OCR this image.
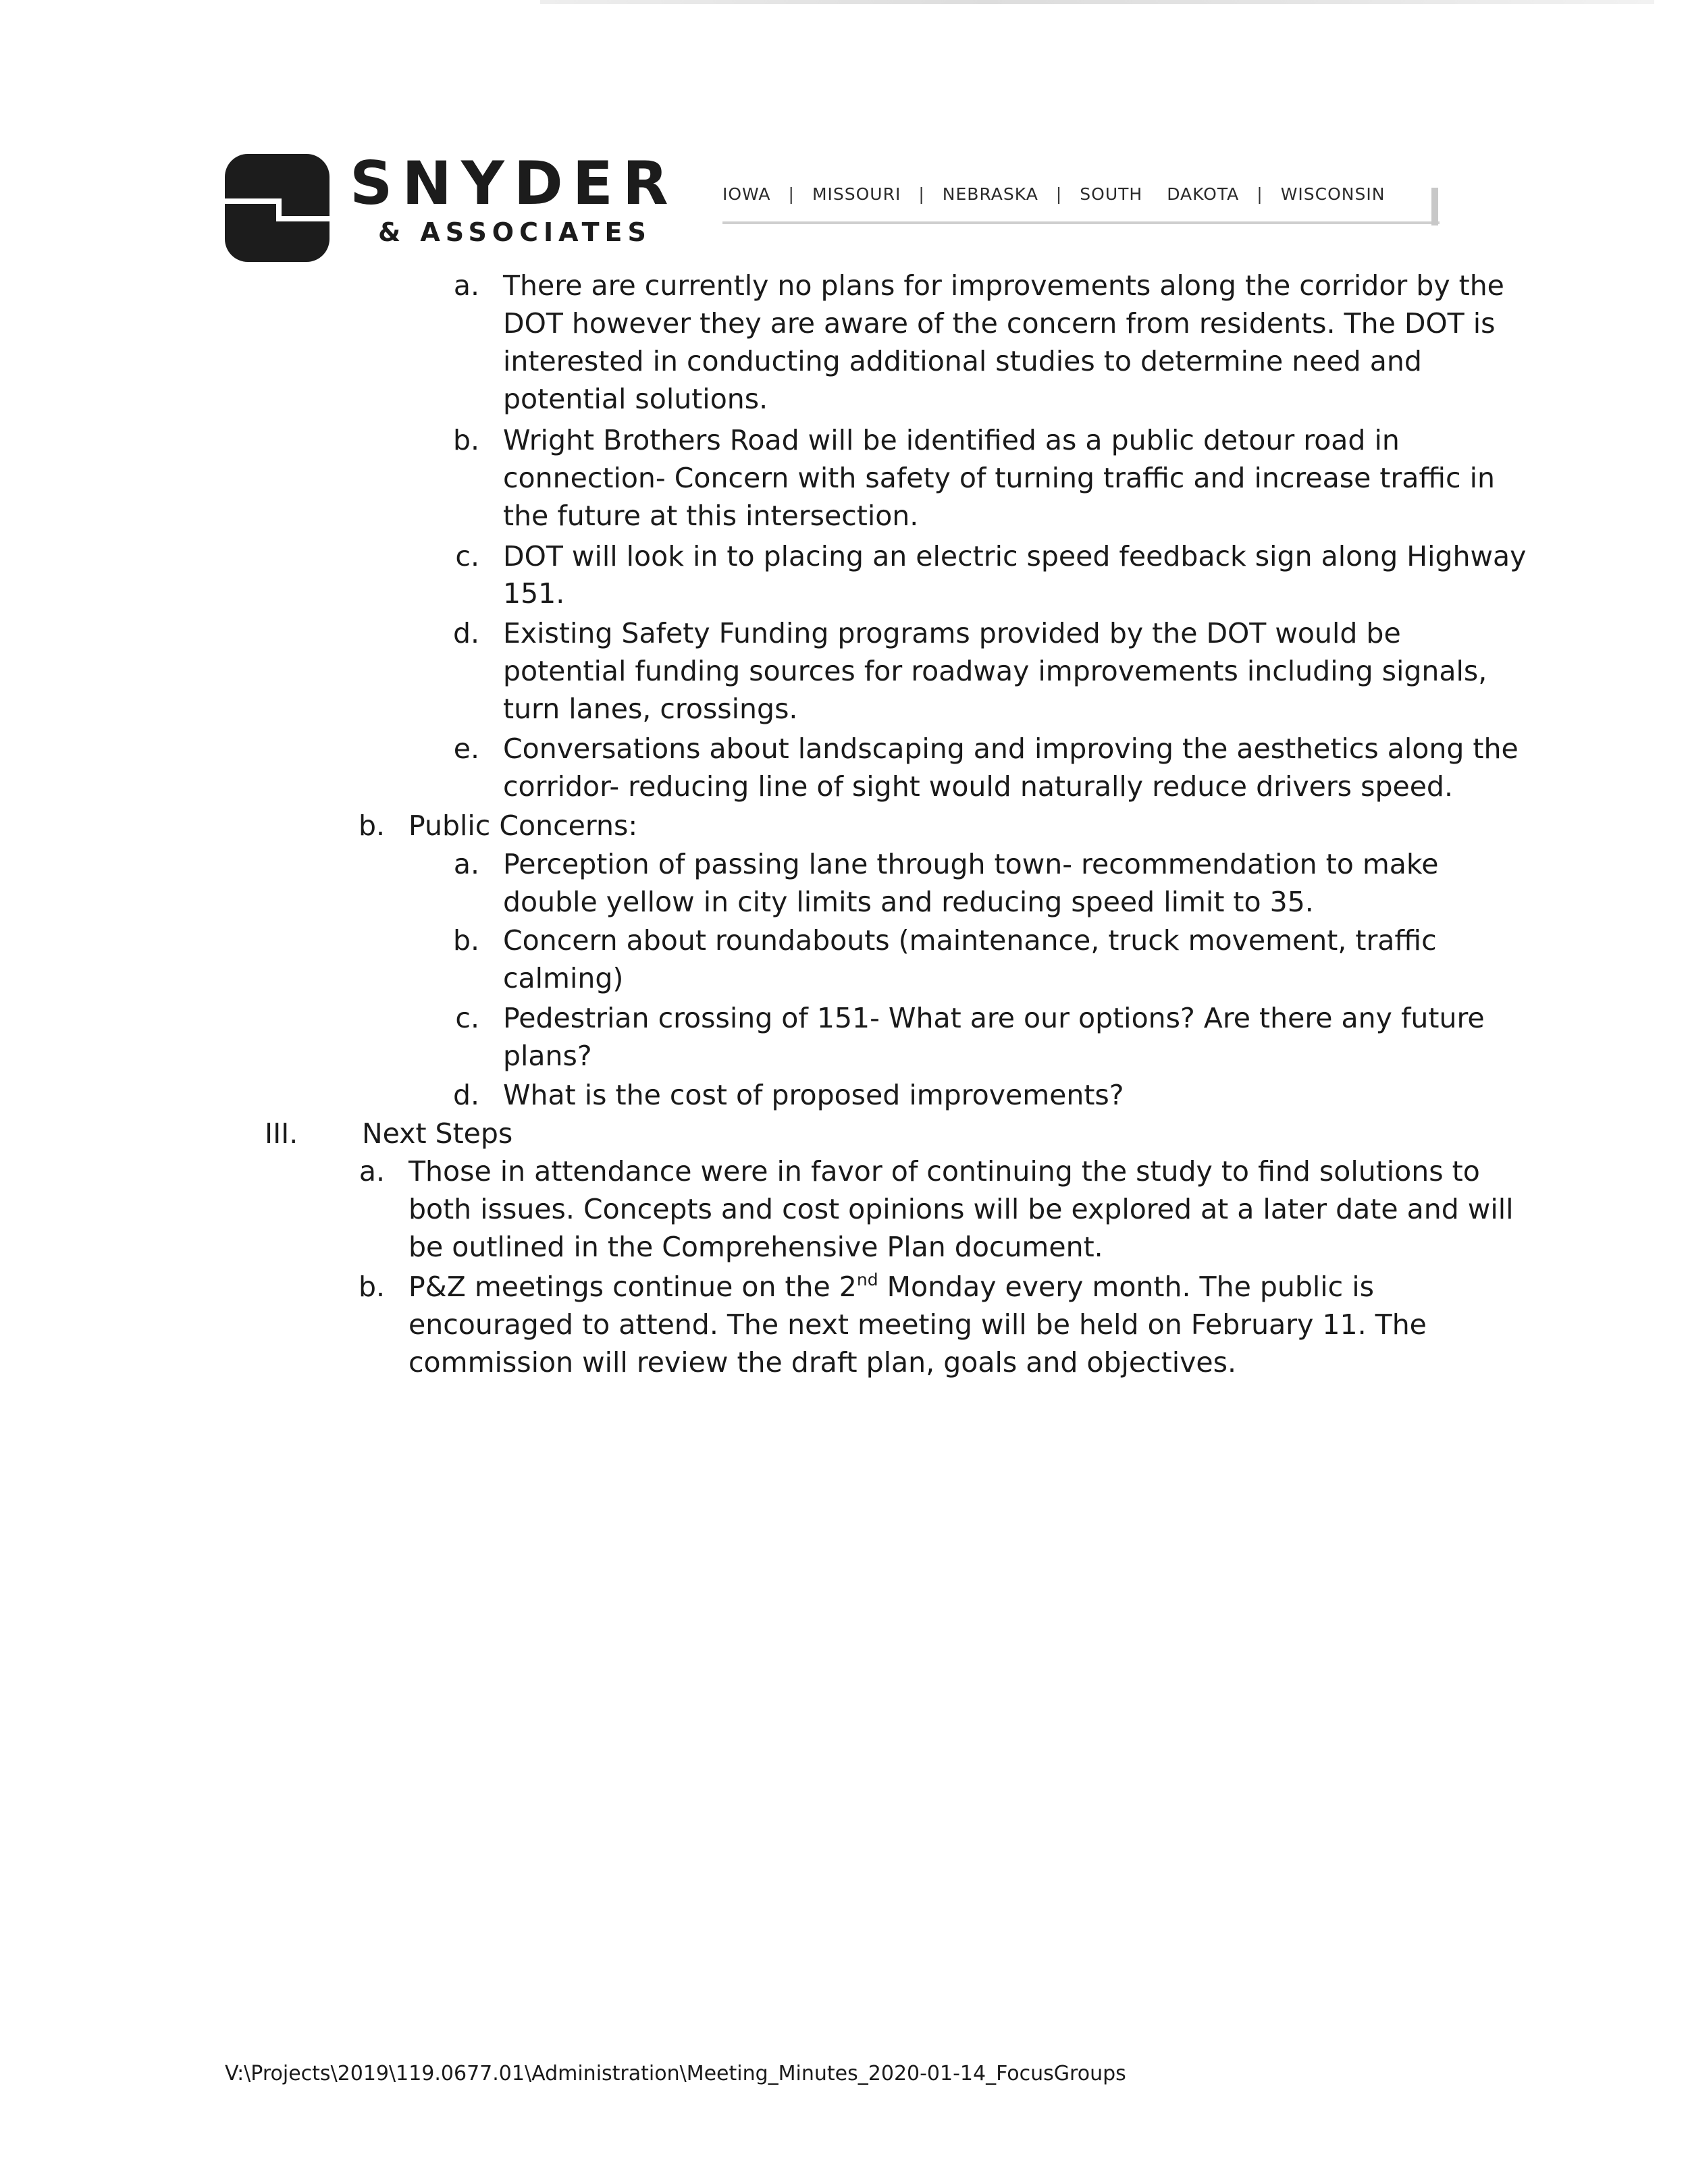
SNYDER
& ASSOCIATES
IOWA | MISSOURI | NEBRASKA | SOUTH DAKOTA | WISCONSIN
a. There are currently no plans for improvements along the corridor by the
DOT however they are aware of the concern from residents. The DOT is
interested in conducting additional studies to determine need and
potential solutions.
b. Wright Brothers Road will be identified as a public detour road in
connection- Concern with safety of turning traffic and increase traffic in
the future at this intersection.
c. DOT will look in to placing an electric speed feedback sign along Highway
151.
d. Existing Safety Funding programs provided by the DOT would be
potential funding sources for roadway improvements including signals,
turn lanes, crossings.
e. Conversations about landscaping and improving the aesthetics along the
corridor- reducing line of sight would naturally reduce drivers speed.
b. Public Concerns:
a. Perception of passing lane through town- recommendation to make
double yellow in city limits and reducing speed limit to 35.
b. Concern about roundabouts (maintenance, truck movement, traffic
calming)
c. Pedestrian crossing of 151- What are our options? Are there any future
plans?
d. What is the cost of proposed improvements?
III. Next Steps
a. Those in attendance were in favor of continuing the study to find solutions to
both issues. Concepts and cost opinions will be explored at a later date and will
be outlined in the Comprehensive Plan document.
b. P&Z meetings continue on the 2nd Monday every month. The public is
encouraged to attend. The next meeting will be held on February 11. The
commission will review the draft plan, goals and objectives.
V:\Projects\2019\119.0677.01\Administration\Meeting_Minutes_2020-01-14_FocusGroups
